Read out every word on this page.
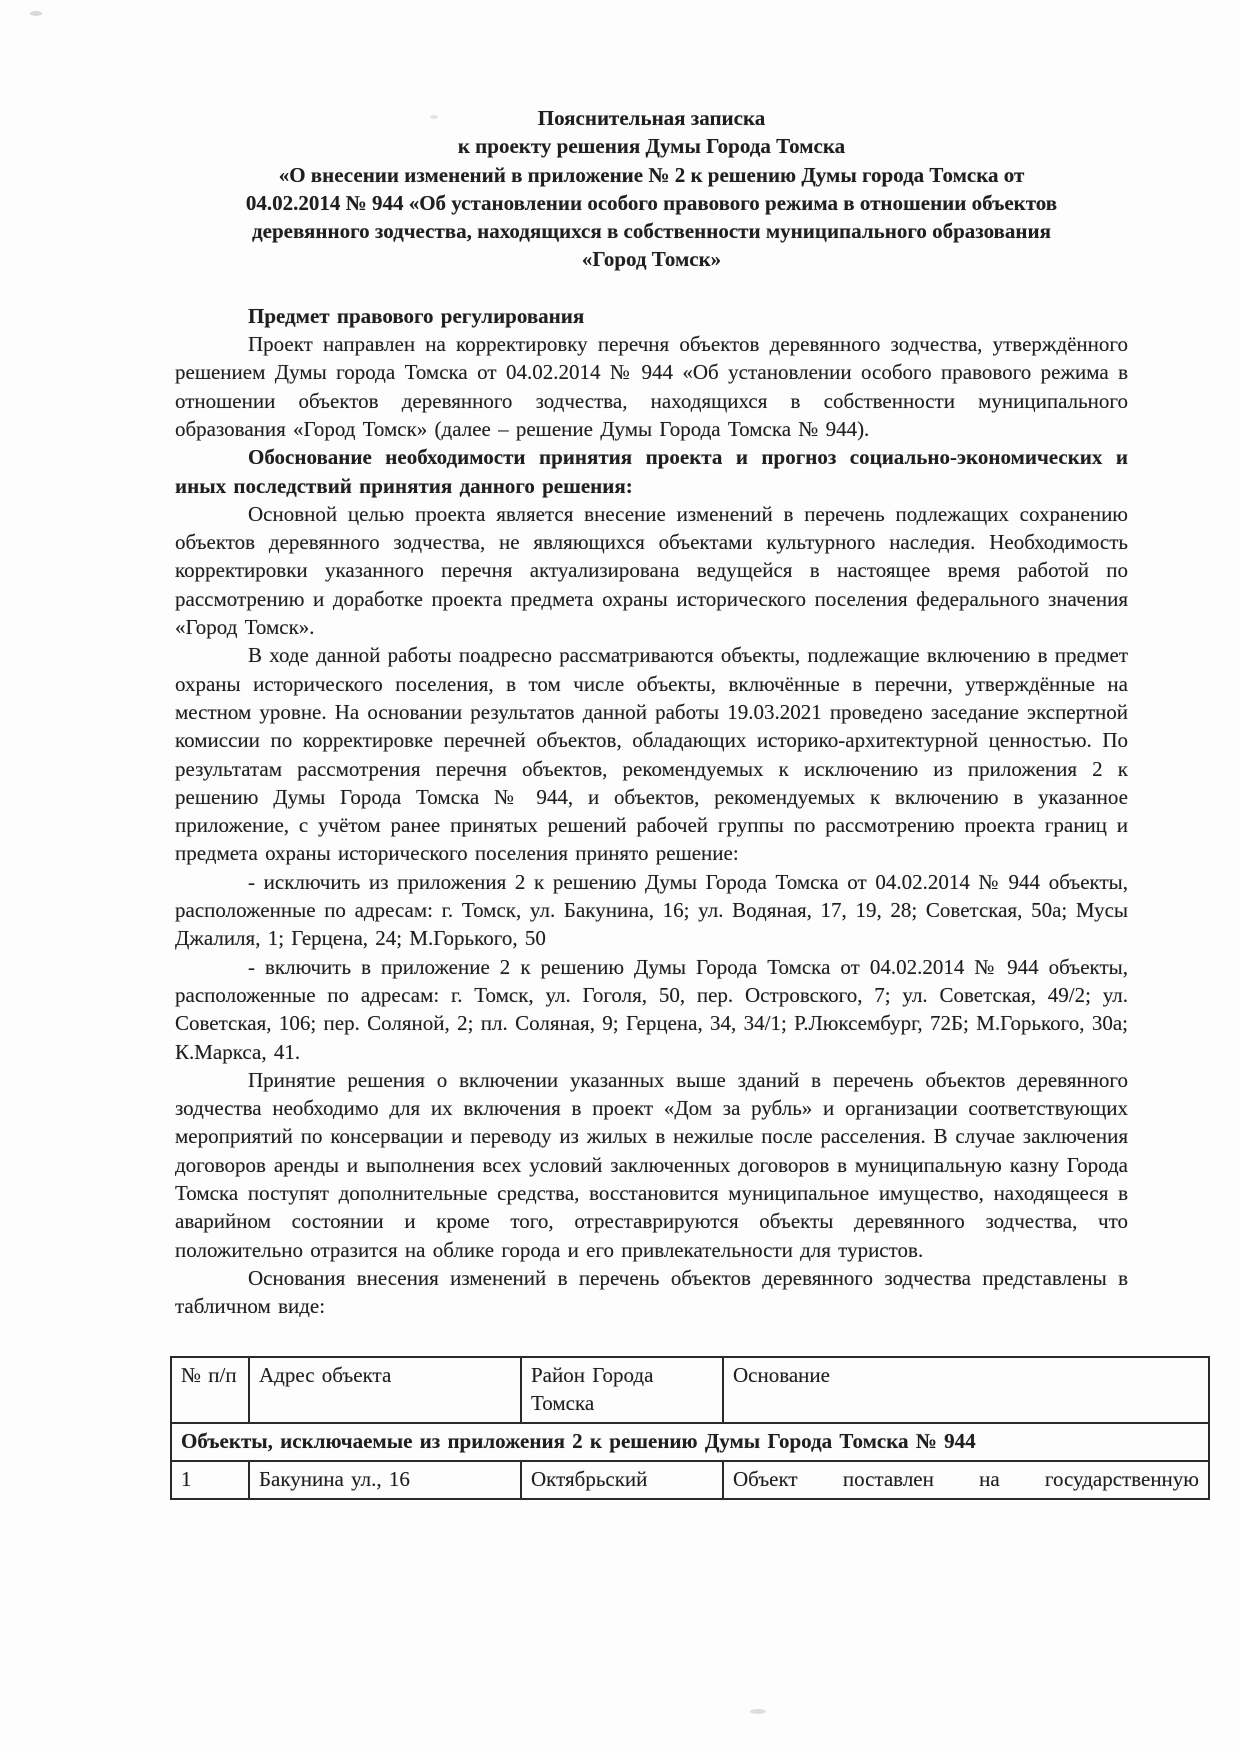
Пояснительная записка
к проекту решения Думы Города Томска
«О внесении изменений в приложение № 2 к решению Думы города Томска от
04.02.2014 № 944 «Об установлении особого правового режима в отношении объектов
деревянного зодчества, находящихся в собственности муниципального образования
«Город Томск»
Предмет правового регулирования
Проект направлен на корректировку перечня объектов деревянного зодчества, утверждённого решением Думы города Томска от 04.02.2014 № 944 «Об установлении особого правового режима в отношении объектов деревянного зодчества, находящихся в собственности муниципального образования «Город Томск» (далее – решение Думы Города Томска № 944).
Обоснование необходимости принятия проекта и прогноз социально-экономических и иных последствий принятия данного решения:
Основной целью проекта является внесение изменений в перечень подлежащих сохранению объектов деревянного зодчества, не являющихся объектами культурного наследия. Необходимость корректировки указанного перечня актуализирована ведущейся в настоящее время работой по рассмотрению и доработке проекта предмета охраны исторического поселения федерального значения «Город Томск».
В ходе данной работы поадресно рассматриваются объекты, подлежащие включению в предмет охраны исторического поселения, в том числе объекты, включённые в перечни, утверждённые на местном уровне. На основании результатов данной работы 19.03.2021 проведено заседание экспертной комиссии по корректировке перечней объектов, обладающих историко-архитектурной ценностью. По результатам рассмотрения перечня объектов, рекомендуемых к исключению из приложения 2 к решению Думы Города Томска № 944, и объектов, рекомендуемых к включению в указанное приложение, с учётом ранее принятых решений рабочей группы по рассмотрению проекта границ и предмета охраны исторического поселения принято решение:
- исключить из приложения 2 к решению Думы Города Томска от 04.02.2014 № 944 объекты, расположенные по адресам: г. Томск, ул. Бакунина, 16; ул. Водяная, 17, 19, 28; Советская, 50а; Мусы Джалиля, 1; Герцена, 24; М.Горького, 50
- включить в приложение 2 к решению Думы Города Томска от 04.02.2014 № 944 объекты, расположенные по адресам: г. Томск, ул. Гоголя, 50, пер. Островского, 7; ул. Советская, 49/2; ул. Советская, 106; пер. Соляной, 2; пл. Соляная, 9; Герцена, 34, 34/1; Р.Люксембург, 72Б; М.Горького, 30а; К.Маркса, 41.
Принятие решения о включении указанных выше зданий в перечень объектов деревянного зодчества необходимо для их включения в проект «Дом за рубль» и организации соответствующих мероприятий по консервации и переводу из жилых в нежилые после расселения. В случае заключения договоров аренды и выполнения всех условий заключенных договоров в муниципальную казну Города Томска поступят дополнительные средства, восстановится муниципальное имущество, находящееся в аварийном состоянии и кроме того, отреставрируются объекты деревянного зодчества, что положительно отразится на облике города и его привлекательности для туристов.
Основания внесения изменений в перечень объектов деревянного зодчества представлены в табличном виде:
№ п/п	Адрес объекта	Район Города Томска	Основание
Объекты, исключаемые из приложения 2 к решению Думы Города Томска № 944			
1	Бакунина ул., 16	Октябрьский	Объект поставлен на государственную
